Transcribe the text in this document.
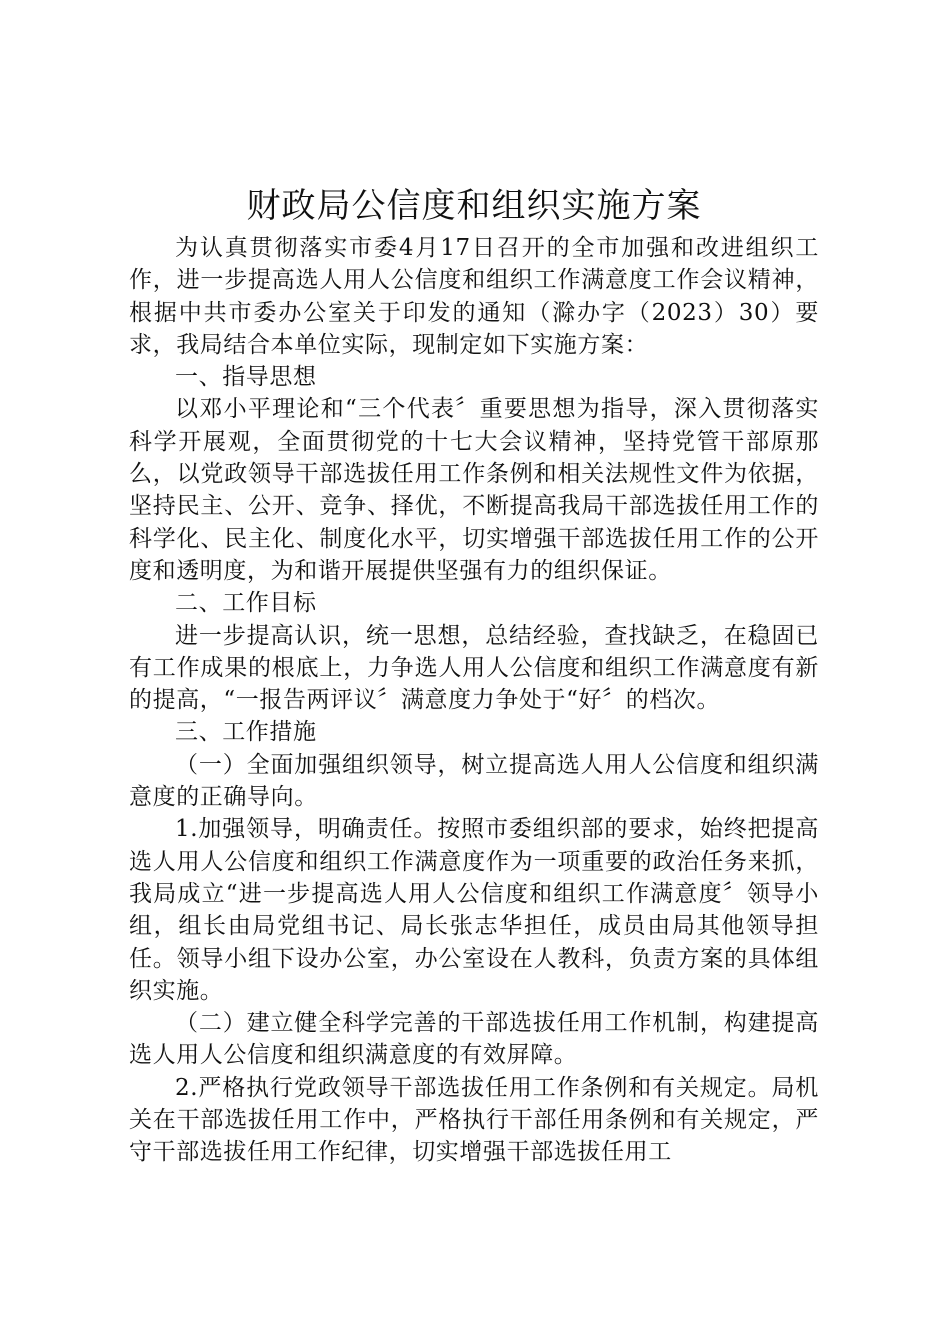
财政局公信度和组织实施方案

为认真贯彻落实市委4月17日召开的全市加强和改进组织工作，进一步提高选人用人公信度和组织工作满意度工作会议精神，根据中共市委办公室关于印发的通知（滁办字（2023）30）要求，我局结合本单位实际，现制定如下实施方案：

一、指导思想

以邓小平理论和“三个代表〞重要思想为指导，深入贯彻落实科学开展观，全面贯彻党的十七大会议精神，坚持党管干部原那么，以党政领导干部选拔任用工作条例和相关法规性文件为依据，坚持民主、公开、竞争、择优，不断提高我局干部选拔任用工作的科学化、民主化、制度化水平，切实增强干部选拔任用工作的公开度和透明度，为和谐开展提供坚强有力的组织保证。

二、工作目标

进一步提高认识，统一思想，总结经验，查找缺乏，在稳固已有工作成果的根底上，力争选人用人公信度和组织工作满意度有新的提高，“一报告两评议〞满意度力争处于“好〞的档次。

三、工作措施

（一）全面加强组织领导，树立提高选人用人公信度和组织满意度的正确导向。

1.加强领导，明确责任。按照市委组织部的要求，始终把提高选人用人公信度和组织工作满意度作为一项重要的政治任务来抓，我局成立“进一步提高选人用人公信度和组织工作满意度〞领导小组，组长由局党组书记、局长张志华担任，成员由局其他领导担任。领导小组下设办公室，办公室设在人教科，负责方案的具体组织实施。

（二）建立健全科学完善的干部选拔任用工作机制，构建提高选人用人公信度和组织满意度的有效屏障。

2.严格执行党政领导干部选拔任用工作条例和有关规定。局机关在干部选拔任用工作中，严格执行干部任用条例和有关规定，严守干部选拔任用工作纪律，切实增强干部选拔任用工
